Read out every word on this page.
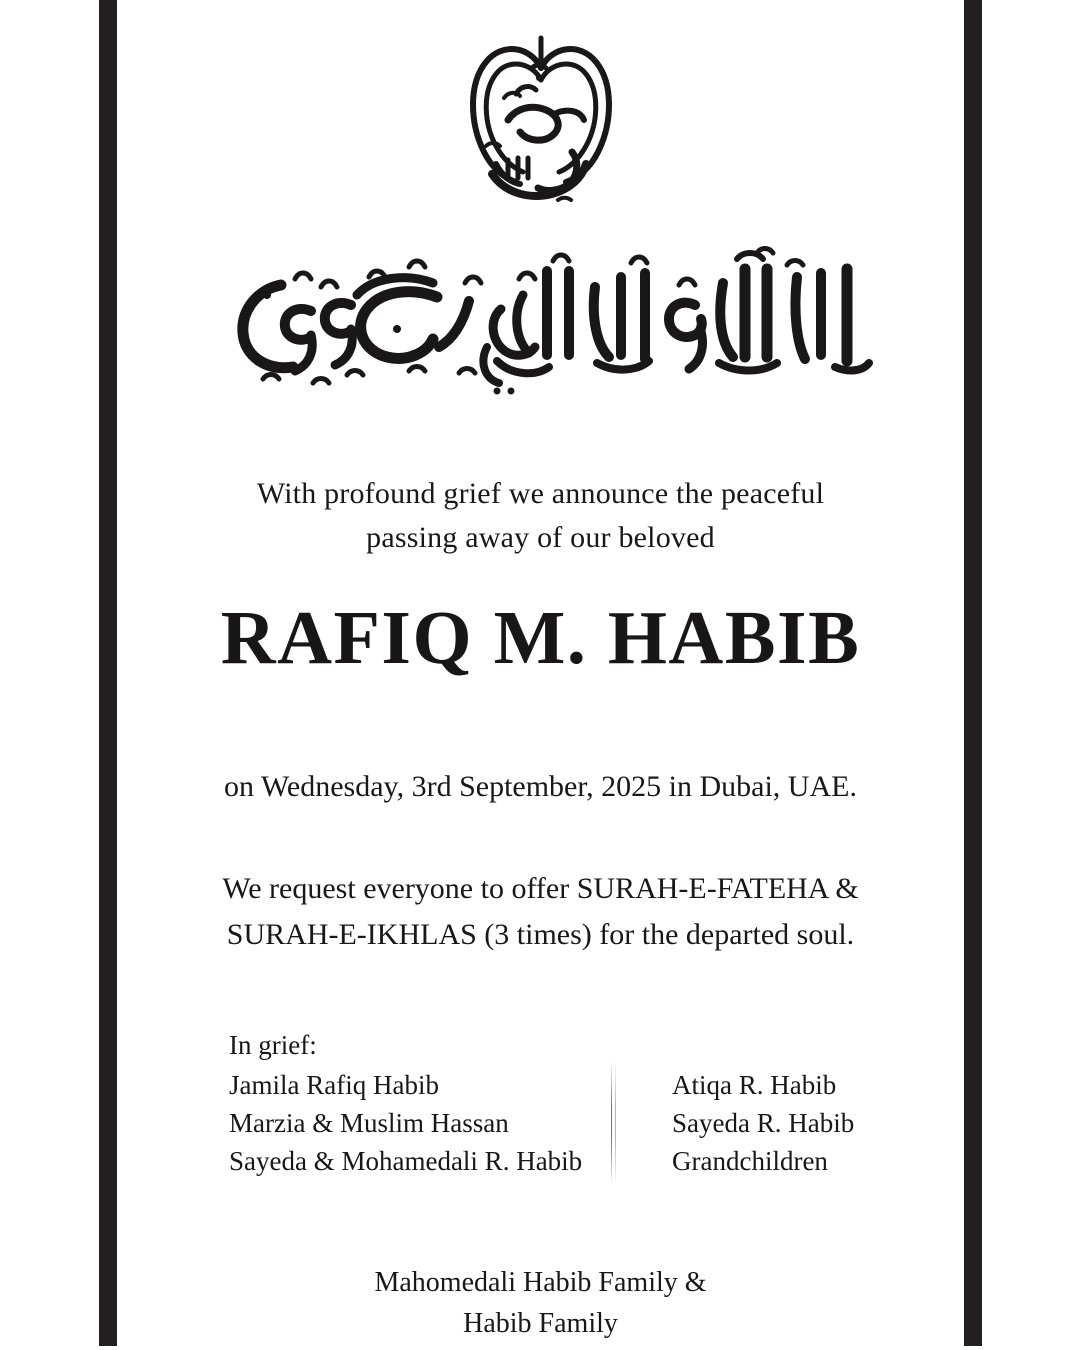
With profound grief we announce the peaceful
passing away of our beloved
RAFIQ M. HABIB
on Wednesday, 3rd September, 2025 in Dubai, UAE.
We request everyone to offer SURAH-E-FATEHA &
SURAH-E-IKHLAS (3 times) for the departed soul.
In grief:
Jamila Rafiq Habib
Marzia & Muslim Hassan
Sayeda & Mohamedali R. Habib
Atiqa R. Habib
Sayeda R. Habib
Grandchildren
Mahomedali Habib Family &
Habib Family
